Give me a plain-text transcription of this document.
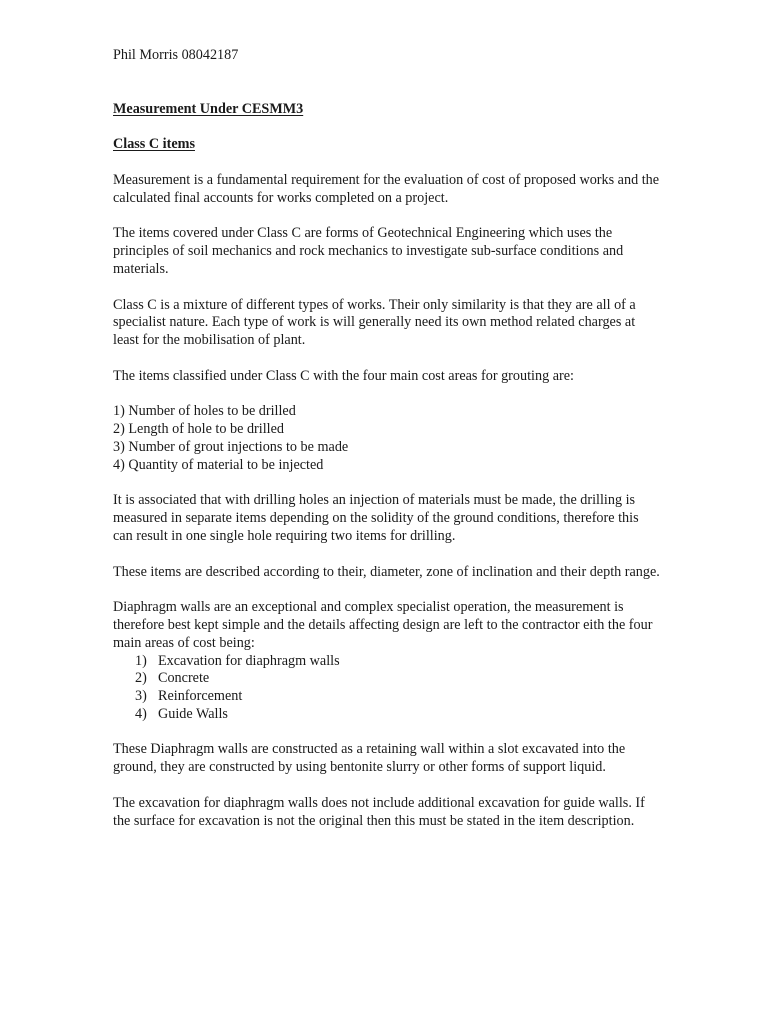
Phil Morris 08042187

Measurement Under CESMM3

Class C items

Measurement is a fundamental requirement for the evaluation of cost of proposed works and the calculated final accounts for works completed on a project.

The items covered under Class C are forms of Geotechnical Engineering which uses the principles of soil mechanics and rock mechanics to investigate sub-surface conditions and materials.

Class C is a mixture of different types of works. Their only similarity is that they are all of a specialist nature. Each type of work is will generally need its own method related charges at least for the mobilisation of plant.

The items classified under Class C with the four main cost areas for grouting are:

1) Number of holes to be drilled
2) Length of hole to be drilled
3) Number of grout injections to be made
4) Quantity of material to be injected

It is associated that with drilling holes an injection of materials must be made, the drilling is measured in separate items depending on the solidity of the ground conditions, therefore this can result in one single hole requiring two items for drilling.

These items are described according to their, diameter, zone of inclination and their depth range.

Diaphragm walls are an exceptional and complex specialist operation, the measurement is therefore best kept simple and the details affecting design are left to the contractor eith the four main areas of cost being:

1) Excavation for diaphragm walls
2) Concrete
3) Reinforcement
4) Guide Walls

These Diaphragm walls are constructed as a retaining wall within a slot excavated into the ground, they are constructed by using bentonite slurry or other forms of support liquid.

The excavation for diaphragm walls does not include additional excavation for guide walls. If the surface for excavation is not the original then this must be stated in the item description.
